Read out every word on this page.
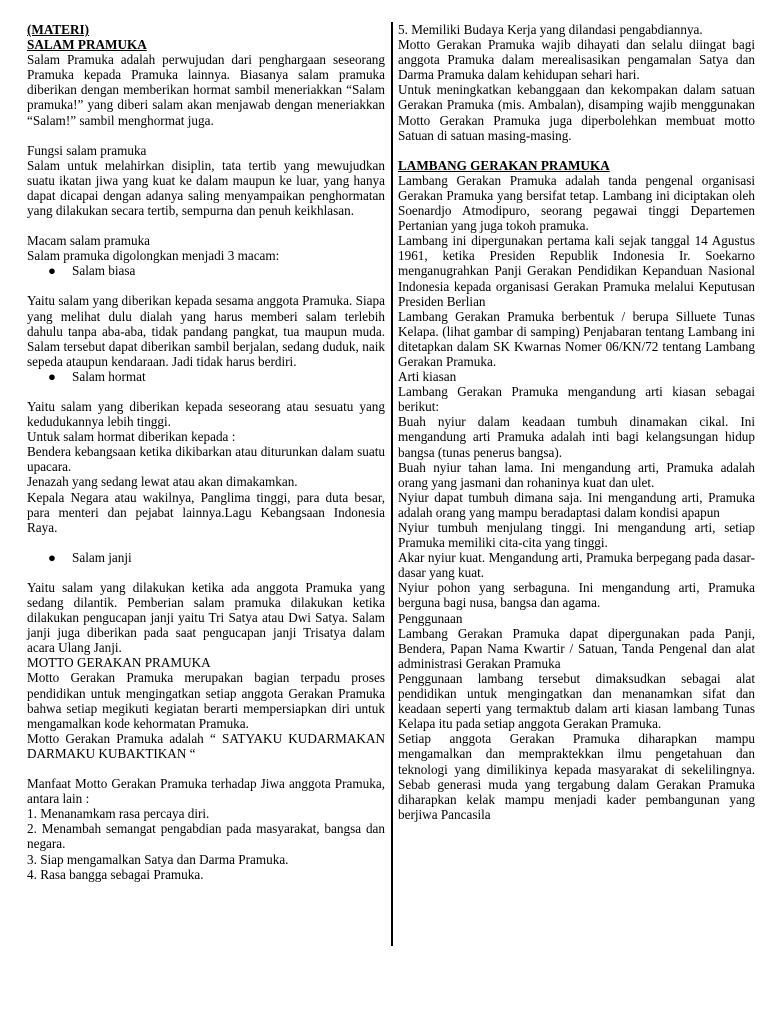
(MATERI)

SALAM PRAMUKA

Salam Pramuka adalah perwujudan dari penghargaan seseorang Pramuka kepada Pramuka lainnya. Biasanya salam pramuka diberikan dengan memberikan hormat sambil meneriakkan “Salam pramuka!” yang diberi salam akan menjawab dengan meneriakkan “Salam!” sambil menghormat juga.

Fungsi salam pramuka

Salam untuk melahirkan disiplin, tata tertib yang mewujudkan suatu ikatan jiwa yang kuat ke dalam maupun ke luar, yang hanya dapat dicapai dengan adanya saling menyampaikan penghormatan yang dilakukan secara tertib, sempurna dan penuh keikhlasan.

Macam salam pramuka

Salam pramuka digolongkan menjadi 3 macam:

●	Salam biasa

Yaitu salam yang diberikan kepada sesama anggota Pramuka. Siapa yang melihat dulu dialah yang harus memberi salam terlebih dahulu tanpa aba-aba, tidak pandang pangkat, tua maupun muda. Salam tersebut dapat diberikan sambil berjalan, sedang duduk, naik sepeda ataupun kendaraan. Jadi tidak harus berdiri.

●	Salam hormat

Yaitu salam yang diberikan kepada seseorang atau sesuatu yang kedudukannya lebih tinggi.

Untuk salam hormat diberikan kepada :

Bendera kebangsaan ketika dikibarkan atau diturunkan dalam suatu upacara.

Jenazah yang sedang lewat atau akan dimakamkan.

Kepala Negara atau wakilnya, Panglima tinggi, para duta besar, para menteri dan pejabat lainnya.Lagu Kebangsaan Indonesia Raya.

●	Salam janji

Yaitu salam yang dilakukan ketika ada anggota Pramuka yang sedang dilantik. Pemberian salam pramuka dilakukan ketika dilakukan pengucapan janji yaitu Tri Satya atau Dwi Satya. Salam janji juga diberikan pada saat pengucapan janji Trisatya dalam acara Ulang Janji.

MOTTO GERAKAN PRAMUKA

Motto Gerakan Pramuka merupakan bagian terpadu proses pendidikan untuk mengingatkan setiap anggota Gerakan Pramuka bahwa setiap megikuti kegiatan berarti mempersiapkan diri untuk mengamalkan kode kehormatan Pramuka.

Motto Gerakan Pramuka adalah “ SATYAKU KUDARMAKAN DARMAKU KUBAKTIKAN “

Manfaat Motto Gerakan Pramuka terhadap Jiwa anggota Pramuka, antara lain :

1. Menanamkam rasa percaya diri.

2. Menambah semangat pengabdian pada masyarakat, bangsa dan negara.

3. Siap mengamalkan Satya dan Darma Pramuka.

4. Rasa bangga sebagai Pramuka.

5. Memiliki Budaya Kerja yang dilandasi pengabdiannya.

Motto Gerakan Pramuka wajib dihayati dan selalu diingat bagi anggota Pramuka dalam merealisasikan pengamalan Satya dan Darma Pramuka dalam kehidupan sehari hari.

Untuk meningkatkan kebanggaan dan kekompakan dalam satuan Gerakan Pramuka (mis. Ambalan), disamping wajib menggunakan Motto Gerakan Pramuka juga diperbolehkan membuat motto Satuan di satuan masing-masing.

LAMBANG GERAKAN PRAMUKA

Lambang Gerakan Pramuka adalah tanda pengenal organisasi Gerakan Pramuka yang bersifat tetap. Lambang ini diciptakan oleh Soenardjo Atmodipuro, seorang pegawai tinggi Departemen Pertanian yang juga tokoh pramuka.

Lambang ini dipergunakan pertama kali sejak tanggal 14 Agustus 1961, ketika Presiden Republik Indonesia Ir. Soekarno menganugrahkan Panji Gerakan Pendidikan Kepanduan Nasional Indonesia kepada organisasi Gerakan Pramuka melalui Keputusan Presiden Berlian

Lambang Gerakan Pramuka berbentuk / berupa Silluete Tunas Kelapa. (lihat gambar di samping) Penjabaran tentang Lambang ini ditetapkan dalam SK Kwarnas Nomer 06/KN/72 tentang Lambang Gerakan Pramuka.

Arti kiasan

Lambang Gerakan Pramuka mengandung arti kiasan sebagai berikut:

Buah nyiur dalam keadaan tumbuh dinamakan cikal. Ini mengandung arti Pramuka adalah inti bagi kelangsungan hidup bangsa (tunas penerus bangsa).

Buah nyiur tahan lama. Ini mengandung arti, Pramuka adalah orang yang jasmani dan rohaninya kuat dan ulet.

Nyiur dapat tumbuh dimana saja. Ini mengandung arti, Pramuka adalah orang yang mampu beradaptasi dalam kondisi apapun

Nyiur tumbuh menjulang tinggi. Ini mengandung arti, setiap Pramuka memiliki cita-cita yang tinggi.

Akar nyiur kuat. Mengandung arti, Pramuka berpegang pada dasar-dasar yang kuat.

Nyiur pohon yang serbaguna. Ini mengandung arti, Pramuka berguna bagi nusa, bangsa dan agama.

Penggunaan

Lambang Gerakan Pramuka dapat dipergunakan pada Panji, Bendera, Papan Nama Kwartir / Satuan, Tanda Pengenal dan alat administrasi Gerakan Pramuka

Penggunaan lambang tersebut dimaksudkan sebagai alat pendidikan untuk mengingatkan dan menanamkan sifat dan keadaan seperti yang termaktub dalam arti kiasan lambang Tunas Kelapa itu pada setiap anggota Gerakan Pramuka.

Setiap anggota Gerakan Pramuka diharapkan mampu mengamalkan dan mempraktekkan ilmu pengetahuan dan teknologi yang dimilikinya kepada masyarakat di sekelilingnya. Sebab generasi muda yang tergabung dalam Gerakan Pramuka diharapkan kelak mampu menjadi kader pembangunan yang berjiwa Pancasila
